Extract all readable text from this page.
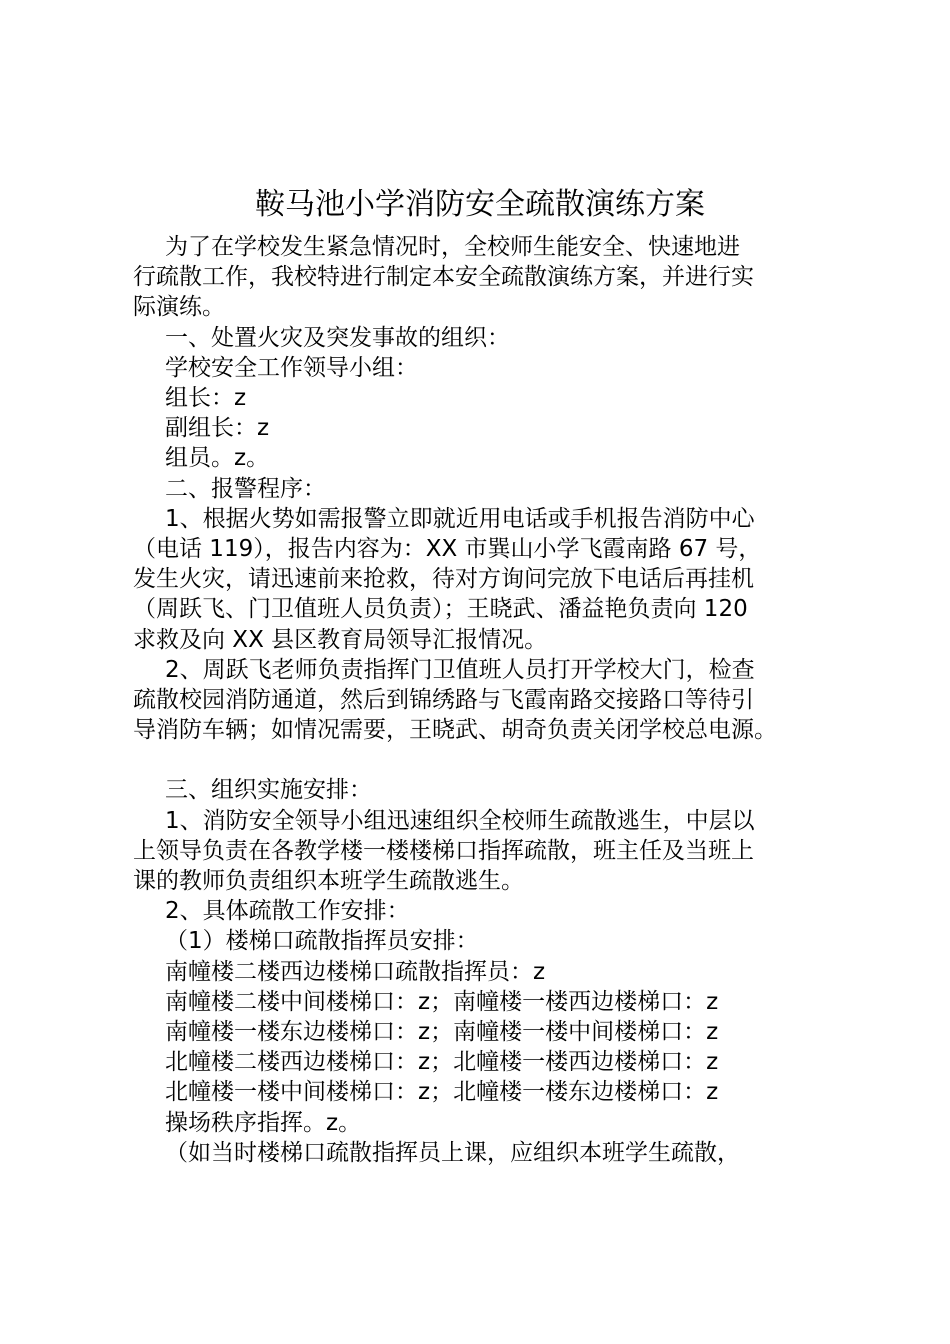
鞍马池小学消防安全疏散演练方案
为了在学校发生紧急情况时，全校师生能安全、快速地进
行疏散工作，我校特进行制定本安全疏散演练方案，并进行实
际演练。
一、处置火灾及突发事故的组织：
学校安全工作领导小组：
组长：z
副组长：z
组员。z。
二、报警程序：
1、根据火势如需报警立即就近用电话或手机报告消防中心
（电话 119），报告内容为：XX 市巽山小学飞霞南路 67 号，
发生火灾，请迅速前来抢救，待对方询问完放下电话后再挂机
（周跃飞、门卫值班人员负责）；王晓武、潘益艳负责向 120
求救及向 XX 县区教育局领导汇报情况。
2、周跃飞老师负责指挥门卫值班人员打开学校大门，检查
疏散校园消防通道，然后到锦绣路与飞霞南路交接路口等待引
导消防车辆；如情况需要，王晓武、胡奇负责关闭学校总电源。
三、组织实施安排：
1、消防安全领导小组迅速组织全校师生疏散逃生，中层以
上领导负责在各教学楼一楼楼梯口指挥疏散，班主任及当班上
课的教师负责组织本班学生疏散逃生。
2、具体疏散工作安排：
（1）楼梯口疏散指挥员安排：
南幢楼二楼西边楼梯口疏散指挥员：z
南幢楼二楼中间楼梯口：z；南幢楼一楼西边楼梯口：z
南幢楼一楼东边楼梯口：z；南幢楼一楼中间楼梯口：z
北幢楼二楼西边楼梯口：z；北幢楼一楼西边楼梯口：z
北幢楼一楼中间楼梯口：z；北幢楼一楼东边楼梯口：z
操场秩序指挥。z。
（如当时楼梯口疏散指挥员上课，应组织本班学生疏散，
